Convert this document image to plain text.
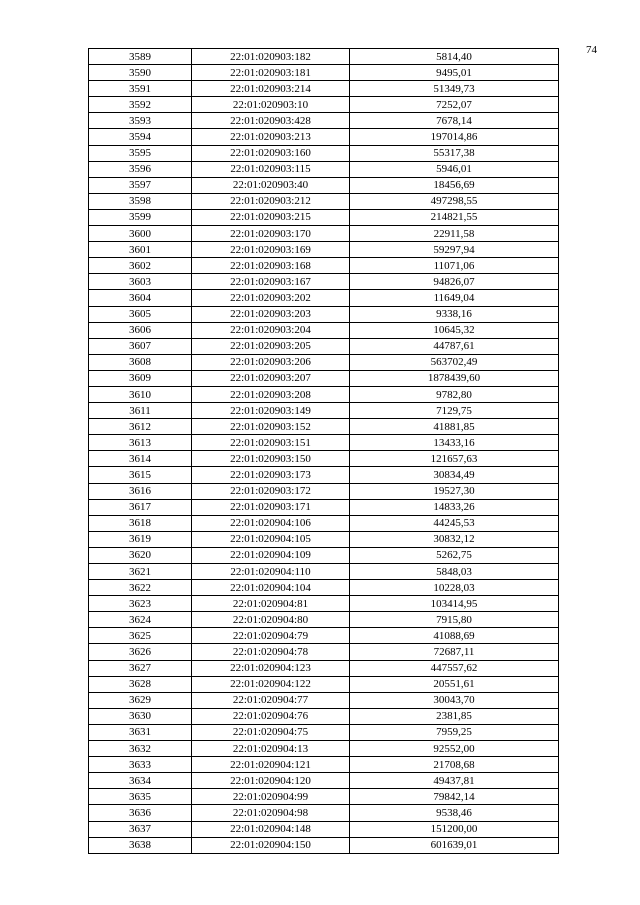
74
3589	22:01:020903:182	5814,40
3590	22:01:020903:181	9495,01
3591	22:01:020903:214	51349,73
3592	22:01:020903:10	7252,07
3593	22:01:020903:428	7678,14
3594	22:01:020903:213	197014,86
3595	22:01:020903:160	55317,38
3596	22:01:020903:115	5946,01
3597	22:01:020903:40	18456,69
3598	22:01:020903:212	497298,55
3599	22:01:020903:215	214821,55
3600	22:01:020903:170	22911,58
3601	22:01:020903:169	59297,94
3602	22:01:020903:168	11071,06
3603	22:01:020903:167	94826,07
3604	22:01:020903:202	11649,04
3605	22:01:020903:203	9338,16
3606	22:01:020903:204	10645,32
3607	22:01:020903:205	44787,61
3608	22:01:020903:206	563702,49
3609	22:01:020903:207	1878439,60
3610	22:01:020903:208	9782,80
3611	22:01:020903:149	7129,75
3612	22:01:020903:152	41881,85
3613	22:01:020903:151	13433,16
3614	22:01:020903:150	121657,63
3615	22:01:020903:173	30834,49
3616	22:01:020903:172	19527,30
3617	22:01:020903:171	14833,26
3618	22:01:020904:106	44245,53
3619	22:01:020904:105	30832,12
3620	22:01:020904:109	5262,75
3621	22:01:020904:110	5848,03
3622	22:01:020904:104	10228,03
3623	22:01:020904:81	103414,95
3624	22:01:020904:80	7915,80
3625	22:01:020904:79	41088,69
3626	22:01:020904:78	72687,11
3627	22:01:020904:123	447557,62
3628	22:01:020904:122	20551,61
3629	22:01:020904:77	30043,70
3630	22:01:020904:76	2381,85
3631	22:01:020904:75	7959,25
3632	22:01:020904:13	92552,00
3633	22:01:020904:121	21708,68
3634	22:01:020904:120	49437,81
3635	22:01:020904:99	79842,14
3636	22:01:020904:98	9538,46
3637	22:01:020904:148	151200,00
3638	22:01:020904:150	601639,01
